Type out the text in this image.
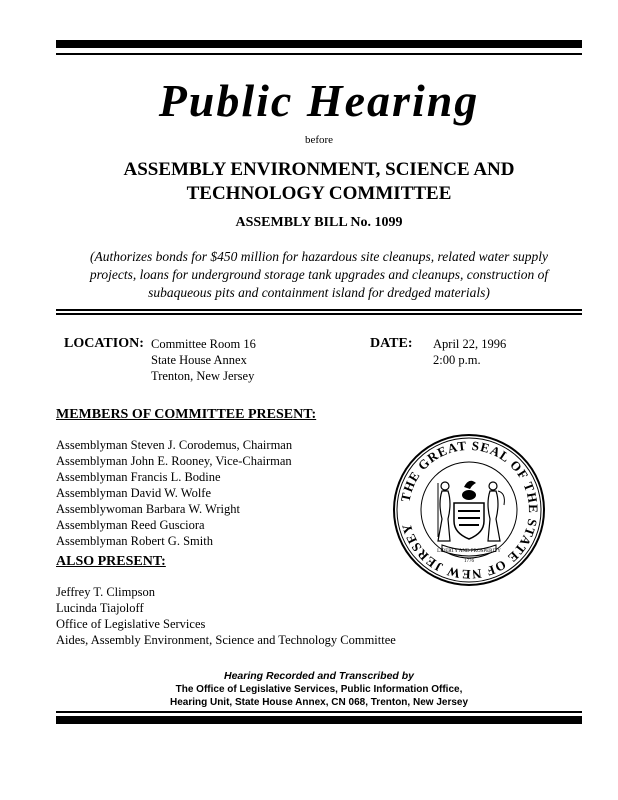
Public Hearing
before
ASSEMBLY ENVIRONMENT, SCIENCE AND
TECHNOLOGY COMMITTEE
ASSEMBLY BILL No. 1099
(Authorizes bonds for $450 million for hazardous site cleanups, related water supply
projects, loans for underground storage tank upgrades and cleanups, construction of
subaqueous pits and containment island for dredged materials)
LOCATION: Committee Room 16
State House Annex
Trenton, New Jersey
DATE: April 22, 1996
2:00 p.m.
MEMBERS OF COMMITTEE PRESENT:
Assemblyman Steven J. Corodemus, Chairman
Assemblyman John E. Rooney, Vice-Chairman
Assemblyman Francis L. Bodine
Assemblyman David W. Wolfe
Assemblywoman Barbara W. Wright
Assemblyman Reed Gusciora
Assemblyman Robert G. Smith
ALSO PRESENT:
Jeffrey T. Climpson
Lucinda Tiajoloff
Office of Legislative Services
Aides, Assembly Environment, Science and Technology Committee
THE GREAT SEAL OF THE STATE OF NEW JERSEY
LIBERTY AND PROSPERITY
1776
Hearing Recorded and Transcribed by
The Office of Legislative Services, Public Information Office,
Hearing Unit, State House Annex, CN 068, Trenton, New Jersey
